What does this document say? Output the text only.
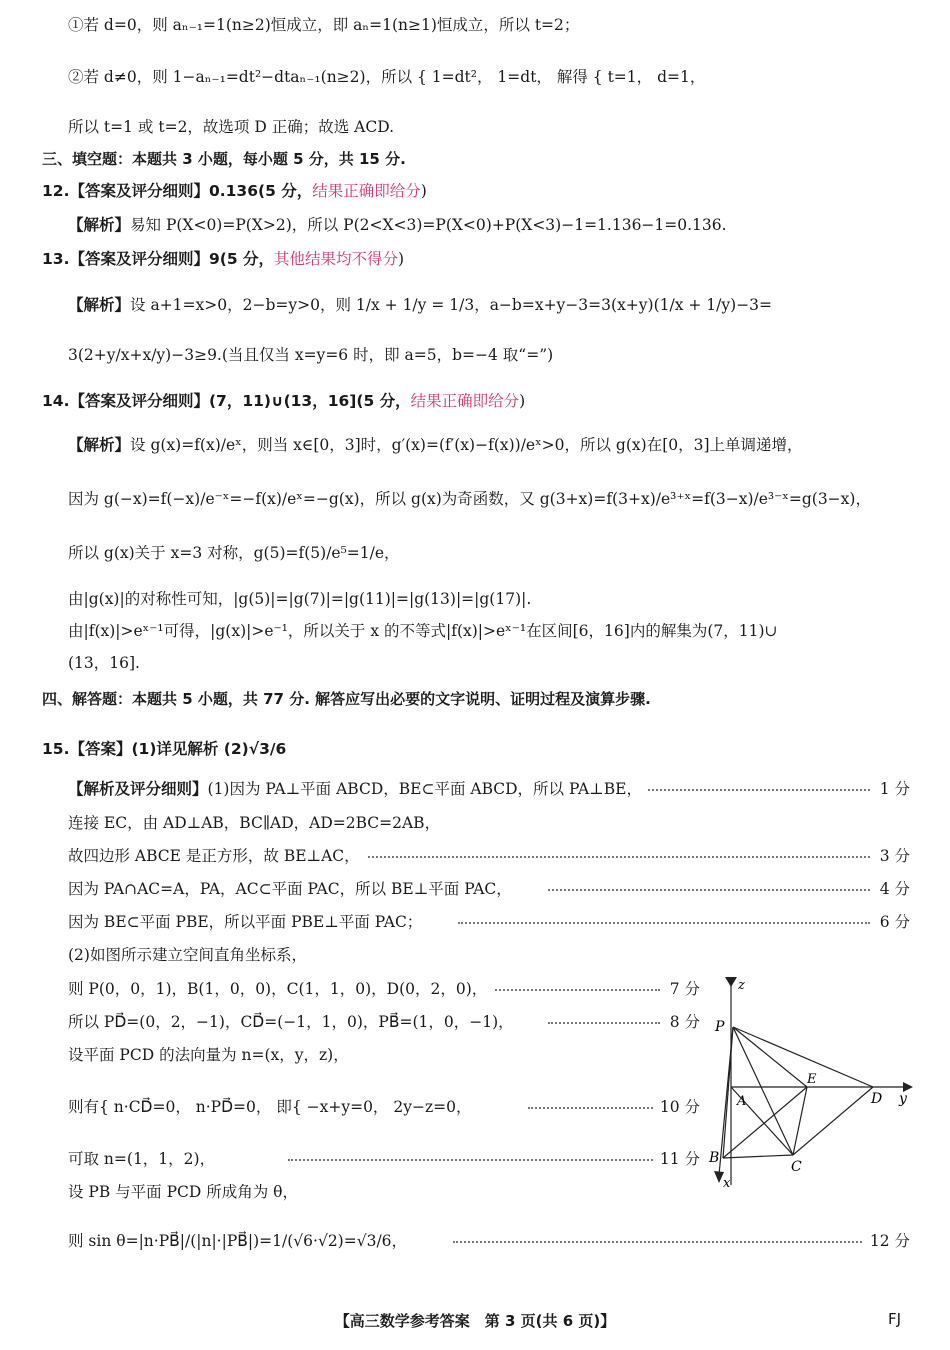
①若 d=0，则 aₙ₋₁=1(n≥2)恒成立，即 aₙ=1(n≥1)恒成立，所以 t=2；
②若 d≠0，则 1−aₙ₋₁=dt²−dtaₙ₋₁(n≥2)，所以 { 1=dt²， 1=dt， 解得 { t=1， d=1，
所以 t=1 或 t=2，故选项 D 正确；故选 ACD.
三、填空题：本题共 3 小题，每小题 5 分，共 15 分.
12.【答案及评分细则】0.136(5 分，结果正确即给分)
【解析】易知 P(X<0)=P(X>2)，所以 P(2<X<3)=P(X<0)+P(X<3)−1=1.136−1=0.136.
13.【答案及评分细则】9(5 分，其他结果均不得分)
【解析】设 a+1=x>0，2−b=y>0，则 1/x + 1/y = 1/3，a−b=x+y−3=3(x+y)(1/x + 1/y)−3=
3(2+y/x+x/y)−3≥9.(当且仅当 x=y=6 时，即 a=5，b=−4 取“=”)
14.【答案及评分细则】(7，11)∪(13，16](5 分，结果正确即给分)
【解析】设 g(x)=f(x)/eˣ，则当 x∈[0，3]时，g′(x)=(f′(x)−f(x))/eˣ>0，所以 g(x)在[0，3]上单调递增，
因为 g(−x)=f(−x)/e⁻ˣ=−f(x)/eˣ=−g(x)，所以 g(x)为奇函数，又 g(3+x)=f(3+x)/e³⁺ˣ=f(3−x)/e³⁻ˣ=g(3−x)，
所以 g(x)关于 x=3 对称，g(5)=f(5)/e⁵=1/e，
由|g(x)|的对称性可知，|g(5)|=|g(7)|=|g(11)|=|g(13)|=|g(17)|.
由|f(x)|>eˣ⁻¹可得，|g(x)|>e⁻¹，所以关于 x 的不等式|f(x)|>eˣ⁻¹在区间[6，16]内的解集为(7，11)∪
(13，16].
四、解答题：本题共 5 小题，共 77 分. 解答应写出必要的文字说明、证明过程及演算步骤.
15.【答案】(1)详见解析 (2)√3/6
【解析及评分细则】(1)因为 PA⊥平面 ABCD，BE⊂平面 ABCD，所以 PA⊥BE，	1 分
连接 EC，由 AD⊥AB，BC∥AD，AD=2BC=2AB，
故四边形 ABCE 是正方形，故 BE⊥AC，	3 分
因为 PA∩AC=A，PA，AC⊂平面 PAC，所以 BE⊥平面 PAC，	4 分
因为 BE⊂平面 PBE，所以平面 PBE⊥平面 PAC；	6 分
(2)如图所示建立空间直角坐标系，
则 P(0，0，1)，B(1，0，0)，C(1，1，0)，D(0，2，0)，	7 分
所以 PD⃗=(0，2，−1)，CD⃗=(−1，1，0)，PB⃗=(1，0，−1)，	8 分
设平面 PCD 的法向量为 n=(x，y，z)，
则有{ n·CD⃗=0， n·PD⃗=0， 即{ −x+y=0， 2y−z=0，	10 分
可取 n=(1，1，2)，	11 分
设 PB 与平面 PCD 所成角为 θ，
则 sin θ=|n·PB⃗|/(|n|·|PB⃗|)=1/(√6·√2)=√3/6，	12 分
z
P
E
A	D y
B
C
x
【高三数学参考答案　第 3 页(共 6 页)】	FJ
